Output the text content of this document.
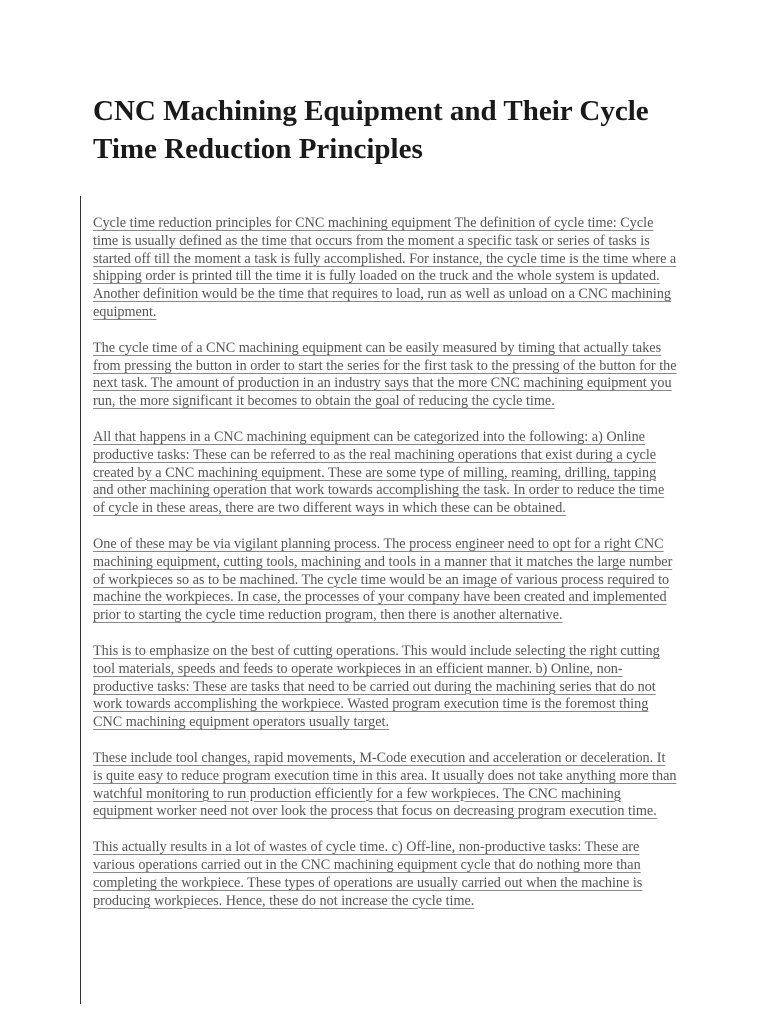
CNC Machining Equipment and Their Cycle Time Reduction Principles

Cycle time reduction principles for CNC machining equipment The definition of cycle time: Cycle time is usually defined as the time that occurs from the moment a specific task or series of tasks is started off till the moment a task is fully accomplished. For instance, the cycle time is the time where a shipping order is printed till the time it is fully loaded on the truck and the whole system is updated. Another definition would be the time that requires to load, run as well as unload on a CNC machining equipment.

The cycle time of a CNC machining equipment can be easily measured by timing that actually takes from pressing the button in order to start the series for the first task to the pressing of the button for the next task. The amount of production in an industry says that the more CNC machining equipment you run, the more significant it becomes to obtain the goal of reducing the cycle time.

All that happens in a CNC machining equipment can be categorized into the following: a) Online productive tasks: These can be referred to as the real machining operations that exist during a cycle created by a CNC machining equipment. These are some type of milling, reaming, drilling, tapping and other machining operation that work towards accomplishing the task. In order to reduce the time of cycle in these areas, there are two different ways in which these can be obtained.

One of these may be via vigilant planning process. The process engineer need to opt for a right CNC machining equipment, cutting tools, machining and tools in a manner that it matches the large number of workpieces so as to be machined. The cycle time would be an image of various process required to machine the workpieces. In case, the processes of your company have been created and implemented prior to starting the cycle time reduction program, then there is another alternative.

This is to emphasize on the best of cutting operations. This would include selecting the right cutting tool materials, speeds and feeds to operate workpieces in an efficient manner. b) Online, non-productive tasks: These are tasks that need to be carried out during the machining series that do not work towards accomplishing the workpiece. Wasted program execution time is the foremost thing CNC machining equipment operators usually target.

These include tool changes, rapid movements, M-Code execution and acceleration or deceleration. It is quite easy to reduce program execution time in this area. It usually does not take anything more than watchful monitoring to run production efficiently for a few workpieces. The CNC machining equipment worker need not over look the process that focus on decreasing program execution time.

This actually results in a lot of wastes of cycle time. c) Off-line, non-productive tasks: These are various operations carried out in the CNC machining equipment cycle that do nothing more than completing the workpiece. These types of operations are usually carried out when the machine is producing workpieces. Hence, these do not increase the cycle time.
